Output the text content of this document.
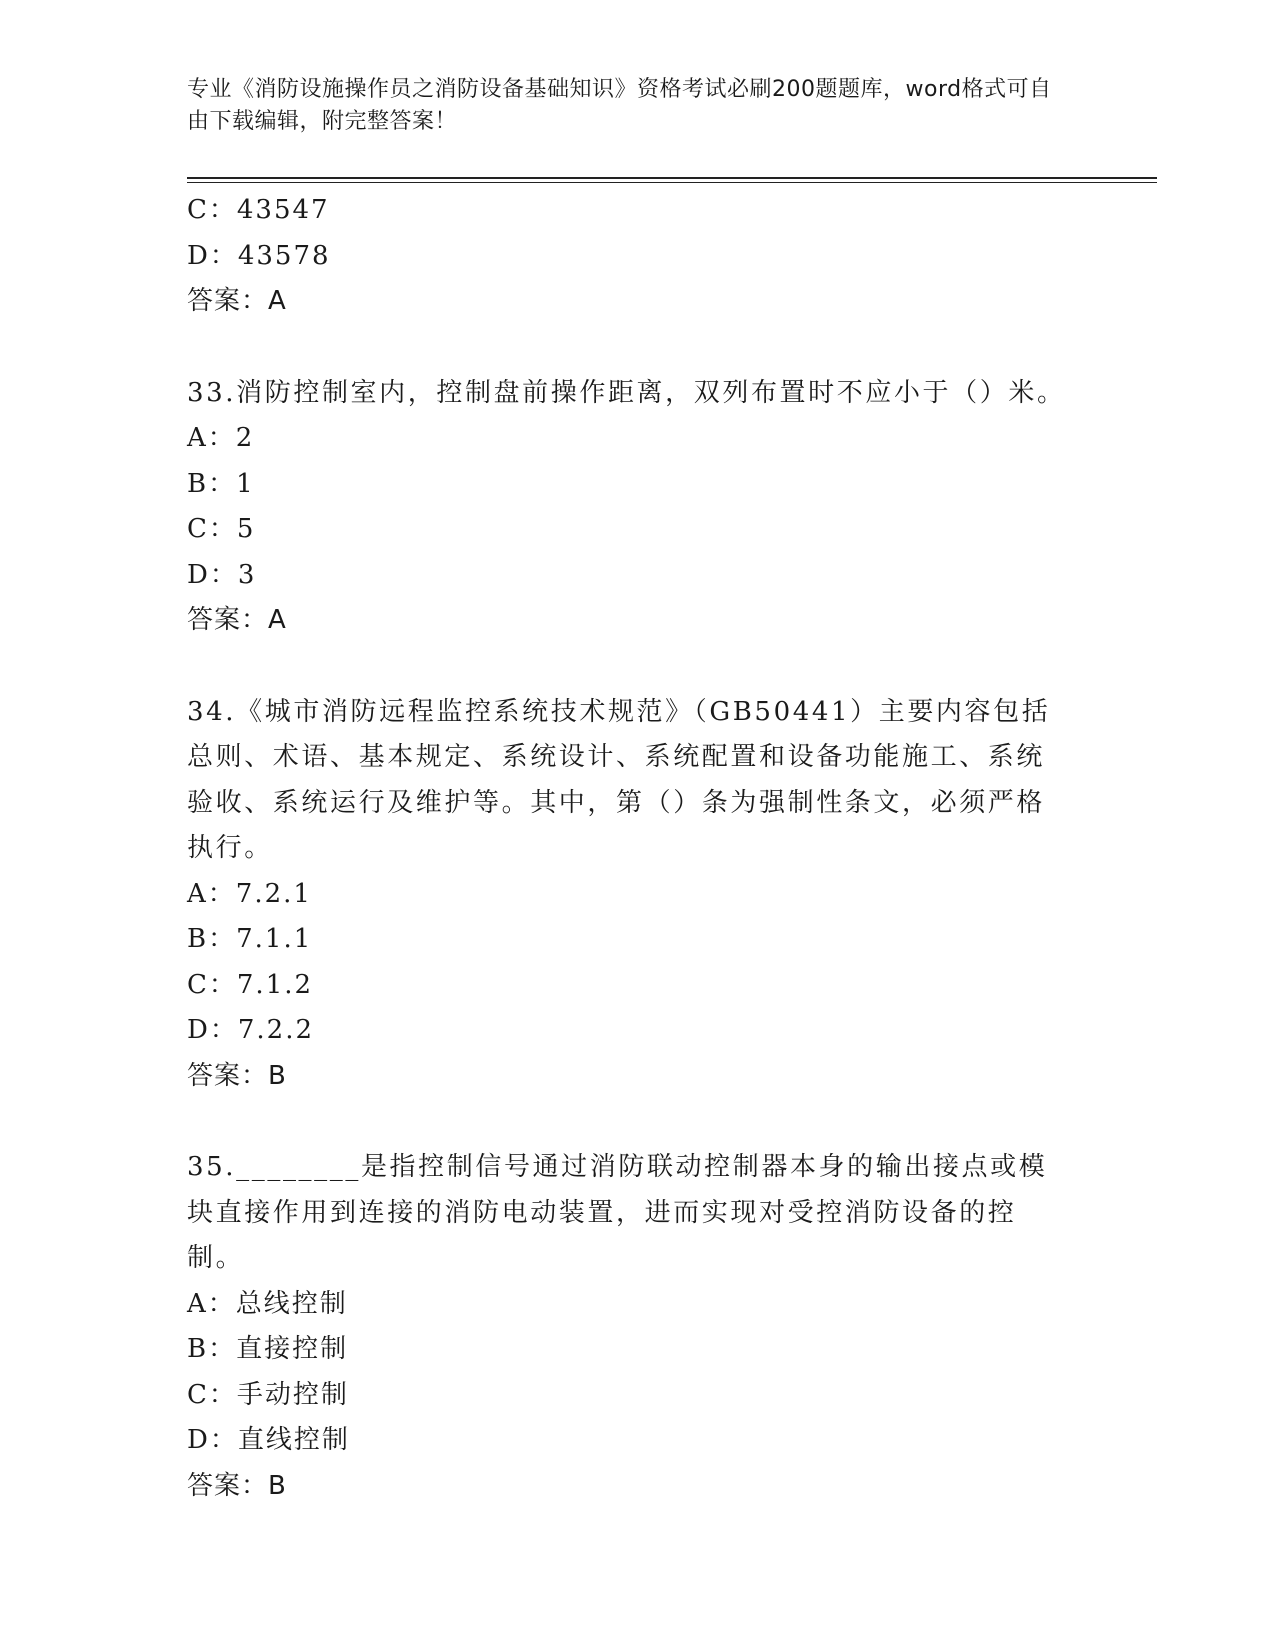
专业《消防设施操作员之消防设备基础知识》资格考试必刷200题题库，word格式可自由下载编辑，附完整答案！
C：43547
D：43578
答案：A
33.消防控制室内，控制盘前操作距离，双列布置时不应小于（）米。
A：2
B：1
C：5
D：3
答案：A
34.《城市消防远程监控系统技术规范》（GB50441）主要内容包括总则、术语、基本规定、系统设计、系统配置和设备功能施工、系统验收、系统运行及维护等。其中，第（）条为强制性条文，必须严格执行。
A：7.2.1
B：7.1.1
C：7.1.2
D：7.2.2
答案：B
35.________是指控制信号通过消防联动控制器本身的输出接点或模块直接作用到连接的消防电动装置，进而实现对受控消防设备的控制。
A：总线控制
B：直接控制
C：手动控制
D：直线控制
答案：B
